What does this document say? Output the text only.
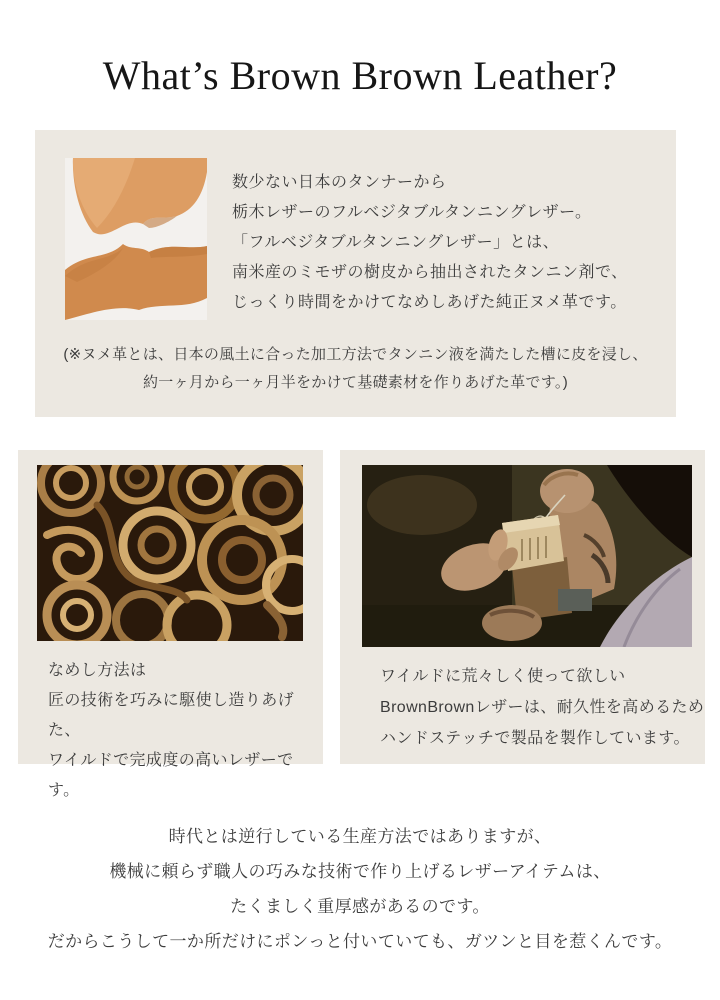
What’s Brown Brown Leather?
数少ない日本のタンナーから
栃木レザーのフルベジタブルタンニングレザー。
「フルベジタブルタンニングレザー」とは、
南米産のミモザの樹皮から抽出されたタンニン剤で、
じっくり時間をかけてなめしあげた純正ヌメ革です。
(※ヌメ革とは、日本の風土に合った加工方法でタンニン液を満たした槽に皮を浸し、
約一ヶ月から一ヶ月半をかけて基礎素材を作りあげた革です。)
なめし方法は
匠の技術を巧みに駆使し造りあげた、
ワイルドで完成度の高いレザーです。
ワイルドに荒々しく使って欲しい
BrownBrownレザーは、耐久性を高めるため
ハンドステッチで製品を製作しています。
時代とは逆行している生産方法ではありますが、
機械に頼らず職人の巧みな技術で作り上げるレザーアイテムは、
たくましく重厚感があるのです。
だからこうして一か所だけにポンっと付いていても、ガツンと目を惹くんです。
